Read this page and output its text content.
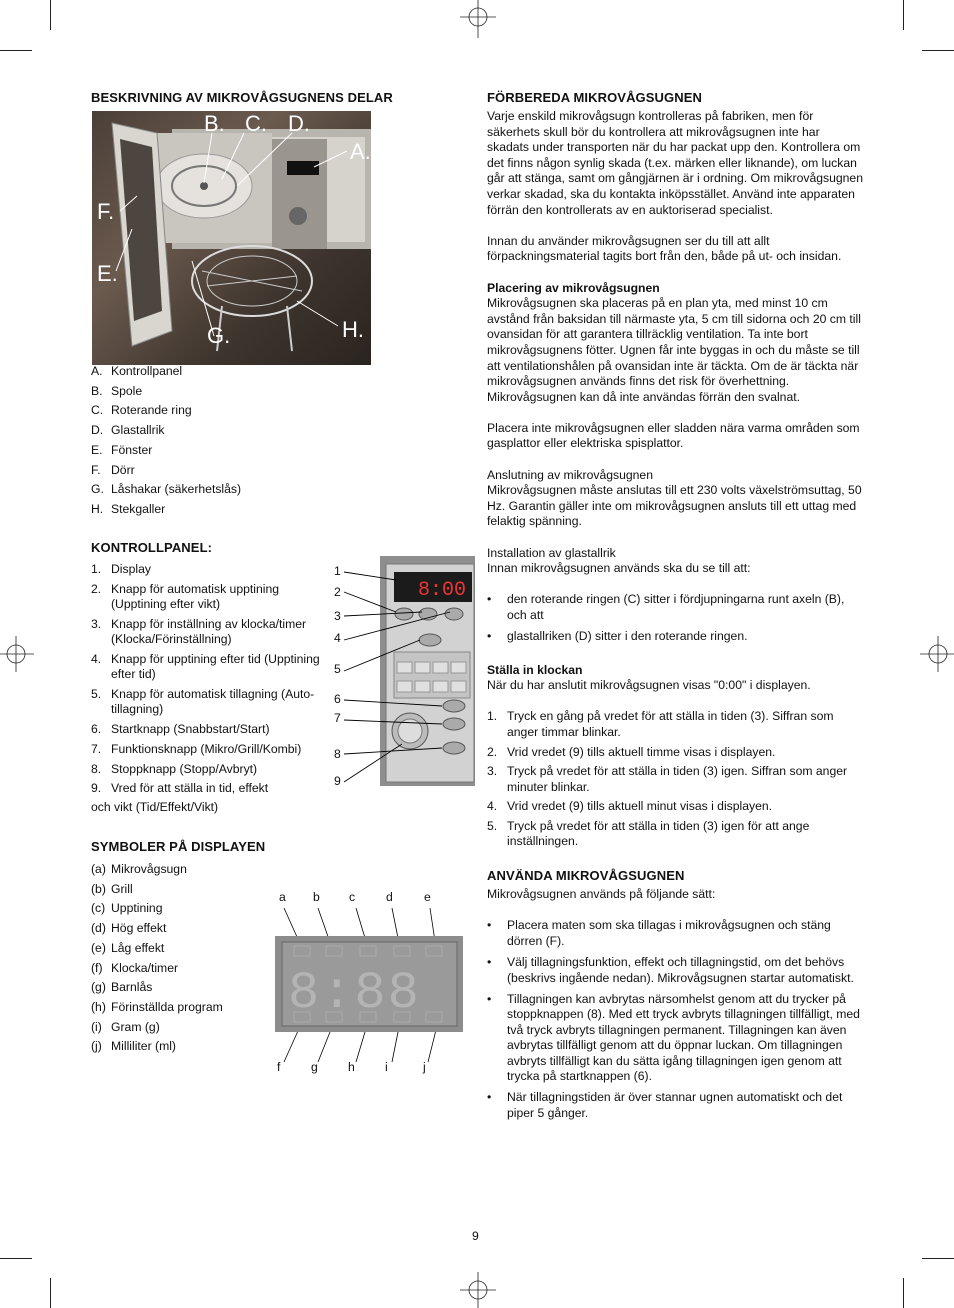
BESKRIVNING AV MIKROVÅGSUGNENS DELAR
B. C. D.
A.
F.
E.
G.	H.
A. Kontrollpanel
B. Spole
C. Roterande ring
D. Glastallrik
E. Fönster
F. Dörr
G. Låshakar (säkerhetslås)
H. Stekgaller
KONTROLLPANEL:
1. Display
2. Knapp för automatisk upptining (Upptining efter vikt)
3. Knapp för inställning av klocka/timer (Klocka/Förinställning)
4. Knapp för upptining efter tid (Upptining efter tid)
5. Knapp för automatisk tillagning (Auto-tillagning)
6. Startknapp (Snabbstart/Start)
7. Funktionsknapp (Mikro/Grill/Kombi)
8. Stoppknapp (Stopp/Avbryt)
9. Vred för att ställa in tid, effekt
och vikt (Tid/Effekt/Vikt)
8:00
1
2
3
4
5
6
7
8
9
SYMBOLER PÅ DISPLAYEN
(a) Mikrovågsugn
(b) Grill
(c) Upptining
(d) Hög effekt
(e) Låg effekt
(f) Klocka/timer
(g) Barnlås
(h) Förinställda program
(i) Gram (g)
(j) Milliliter (ml)
a b c	d	e
8:88
f	g h i	j
FÖRBEREDA MIKROVÅGSUGNEN

Varje enskild mikrovågsugn kontrolleras på fabriken, men för säkerhets skull bör du kontrollera att mikrovågsugnen inte har skadats under transporten när du har packat upp den. Kontrollera om det finns någon synlig skada (t.ex. märken eller liknande), om luckan går att stänga, samt om gångjärnen är i ordning. Om mikrovågsugnen verkar skadad, ska du kontakta inköpsstället. Använd inte apparaten förrän den kontrollerats av en auktoriserad specialist.

Innan du använder mikrovågsugnen ser du till att allt förpackningsmaterial tagits bort från den, både på ut- och insidan.

Placering av mikrovågsugnen

Mikrovågsugnen ska placeras på en plan yta, med minst 10 cm avstånd från baksidan till närmaste yta, 5 cm till sidorna och 20 cm till ovansidan för att garantera tillräcklig ventilation. Ta inte bort mikrovågsugnens fötter. Ugnen får inte byggas in och du måste se till att ventilationshålen på ovansidan inte är täckta. Om de är täckta när mikrovågsugnen används finns det risk för överhettning. Mikrovågsugnen kan då inte användas förrän den svalnat.

Placera inte mikrovågsugnen eller sladden nära varma områden som gasplattor eller elektriska spisplattor.

Anslutning av mikrovågsugnen

Mikrovågsugnen måste anslutas till ett 230 volts växelströmsuttag, 50 Hz. Garantin gäller inte om mikrovågsugnen ansluts till ett uttag med felaktig spänning.

Installation av glastallrik

Innan mikrovågsugnen används ska du se till att:

• den roterande ringen (C) sitter i fördjupningarna runt axeln (B), och att
• glastallriken (D) sitter i den roterande ringen.

Ställa in klockan

När du har anslutit mikrovågsugnen visas "0:00" i displayen.

1. Tryck en gång på vredet för att ställa in tiden (3). Siffran som anger timmar blinkar.
2. Vrid vredet (9) tills aktuell timme visas i displayen.
3. Tryck på vredet för att ställa in tiden (3) igen. Siffran som anger minuter blinkar.
4. Vrid vredet (9) tills aktuell minut visas i displayen.
5. Tryck på vredet för att ställa in tiden (3) igen för att ange inställningen.
ANVÄNDA MIKROVÅGSUGNEN

Mikrovågsugnen används på följande sätt:

• Placera maten som ska tillagas i mikrovågsugnen och stäng dörren (F).
• Välj tillagningsfunktion, effekt och tillagningstid, om det behövs (beskrivs ingående nedan). Mikrovågsugnen startar automatiskt.
• Tillagningen kan avbrytas närsomhelst genom att du trycker på stoppknappen (8). Med ett tryck avbryts tillagningen tillfälligt, med två tryck avbryts tillagningen permanent. Tillagningen kan även avbrytas tillfälligt genom att du öppnar luckan. Om tillagningen avbryts tillfälligt kan du sätta igång tillagningen igen genom att trycka på startknappen (6).
• När tillagningstiden är över stannar ugnen automatiskt och det piper 5 gånger.
9
